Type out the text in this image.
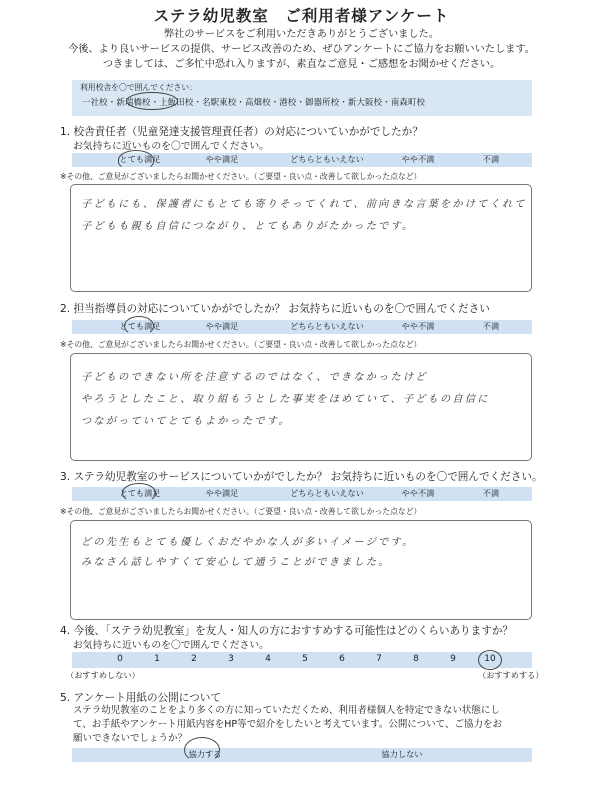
ステラ幼児教室　ご利用者様アンケート
弊社のサービスをご利用いただきありがとうございました。
今後、より良いサービスの提供、サービス改善のため、ぜひアンケートにご協力をお願いいたします。
つきましては、ご多忙中恐れ入りますが、素直なご意見・ご感想をお聞かせください。
利用校舎を〇で囲んでください：
一社校・新瑞橋校・上飯田校・名駅東校・高畑校・港校・御器所校・新大阪校・南森町校
1. 校舎責任者（児童発達支援管理責任者）の対応についていかがでしたか？
お気持ちに近いものを〇で囲んでください。
とても満足	やや満足	どちらともいえない	やや不満	不満
※その他、ご意見がございましたらお聞かせください。（ご要望・良い点・改善して欲しかった点など）
子どもにも、保護者にもとても寄りそってくれて、前向きな言葉をかけてくれて
子どもも親も自信につながり、とてもありがたかったです。
2. 担当指導員の対応についていかがでしたか？ お気持ちに近いものを〇で囲んでください
とても満足	やや満足	どちらともいえない	やや不満	不満
※その他、ご意見がございましたらお聞かせください。（ご要望・良い点・改善して欲しかった点など）
子どものできない所を注意するのではなく、できなかったけど
やろうとしたこと、取り組もうとした事実をほめていて、子どもの自信に
つながっていてとてもよかったです。
3. ステラ幼児教室のサービスについていかがでしたか？ お気持ちに近いものを〇で囲んでください。
とても満足	やや満足	どちらともいえない	やや不満	不満
※その他、ご意見がございましたらお聞かせください。（ご要望・良い点・改善して欲しかった点など）
どの先生もとても優しくおだやかな人が多いイメージです。
みなさん話しやすくて安心して通うことができました。
4. 今後、「ステラ幼児教室」を友人・知人の方におすすめする可能性はどのくらいありますか？
お気持ちに近いものを〇で囲んでください。
0	1	2	3	4	5	6	7	8	9	10
（おすすめしない）	（おすすめする）
5. アンケート用紙の公開について
ステラ幼児教室のことをより多くの方に知っていただくため、利用者様個人を特定できない状態にし
て、お手紙やアンケート用紙内容をHP等で紹介をしたいと考えています。公開について、ご協力をお
願いできないでしょうか？
協力する	協力しない
